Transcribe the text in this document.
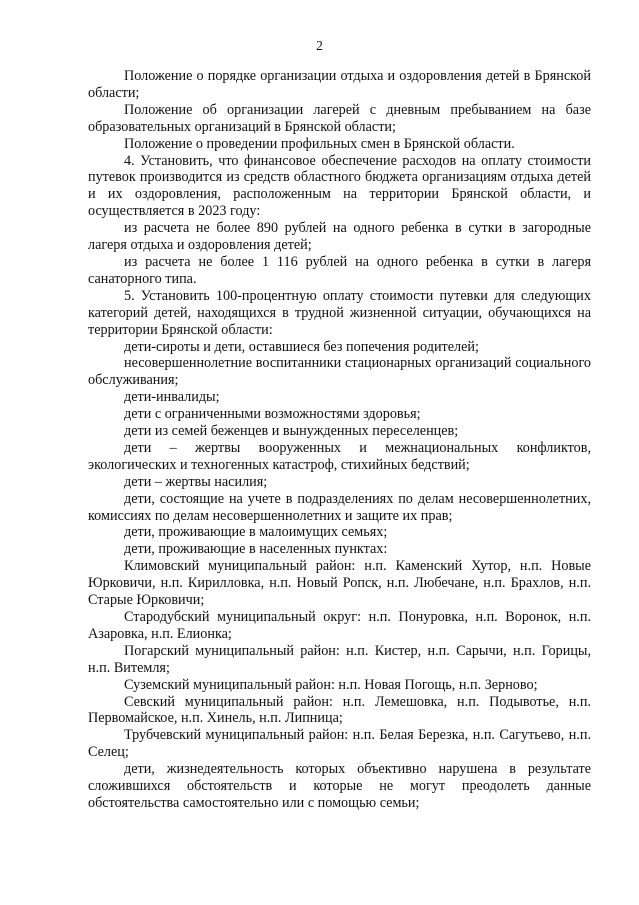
2

Положение о порядке организации отдыха и оздоровления детей в Брянской области;

Положение об организации лагерей с дневным пребыванием на базе образовательных организаций в Брянской области;

Положение о проведении профильных смен в Брянской области.

4. Установить, что финансовое обеспечение расходов на оплату стоимости путевок производится из средств областного бюджета организациям отдыха детей и их оздоровления, расположенным на территории Брянской области, и осуществляется в 2023 году:

из расчета не более 890 рублей на одного ребенка в сутки в загородные лагеря отдыха и оздоровления детей;

из расчета не более 1 116 рублей на одного ребенка в сутки в лагеря санаторного типа.

5. Установить 100-процентную оплату стоимости путевки для следующих категорий детей, находящихся в трудной жизненной ситуации, обучающихся на территории Брянской области:

дети-сироты и дети, оставшиеся без попечения родителей;

несовершеннолетние воспитанники стационарных организаций социального обслуживания;

дети-инвалиды;

дети с ограниченными возможностями здоровья;

дети из семей беженцев и вынужденных переселенцев;

дети – жертвы вооруженных и межнациональных конфликтов, экологических и техногенных катастроф, стихийных бедствий;

дети – жертвы насилия;

дети, состоящие на учете в подразделениях по делам несовершеннолетних, комиссиях по делам несовершеннолетних и защите их прав;

дети, проживающие в малоимущих семьях;

дети, проживающие в населенных пунктах:

Климовский муниципальный район: н.п. Каменский Хутор, н.п. Новые Юрковичи, н.п. Кирилловка, н.п. Новый Ропск, н.п. Любечане, н.п. Брахлов, н.п. Старые Юрковичи;

Стародубский муниципальный округ: н.п. Понуровка, н.п. Воронок, н.п. Азаровка, н.п. Елионка;

Погарский муниципальный район: н.п. Кистер, н.п. Сарычи, н.п. Горицы, н.п. Витемля;

Суземский муниципальный район: н.п. Новая Погощь, н.п. Зерново;

Севский муниципальный район: н.п. Лемешовка, н.п. Подывотье, н.п. Первомайское, н.п. Хинель, н.п. Липница;

Трубчевский муниципальный район: н.п. Белая Березка, н.п. Сагутьево, н.п. Селец;

дети, жизнедеятельность которых объективно нарушена в результате сложившихся обстоятельств и которые не могут преодолеть данные обстоятельства самостоятельно или с помощью семьи;
